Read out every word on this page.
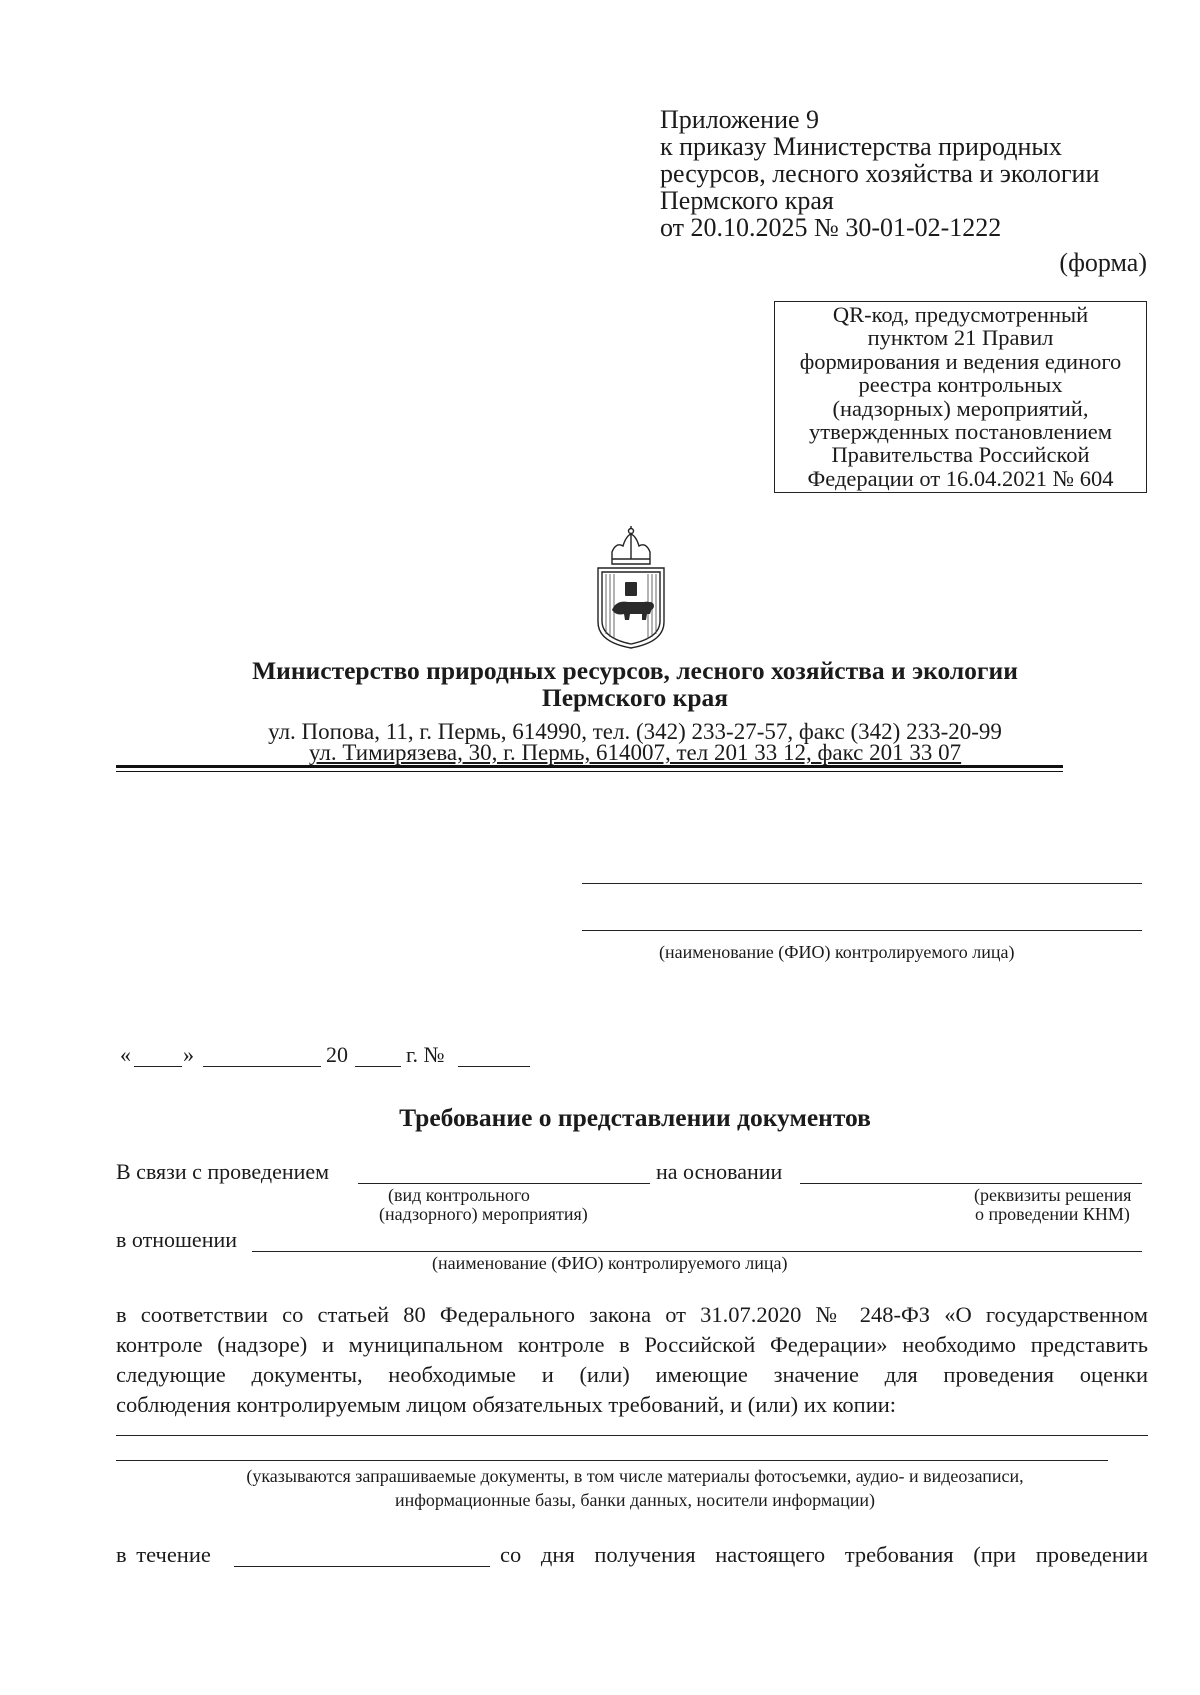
Приложение 9
к приказу Министерства природных
ресурсов, лесного хозяйства и экологии
Пермского края
от 20.10.2025 № 30-01-02-1222
(форма)
QR-код, предусмотренный
пунктом 21 Правил
формирования и ведения единого
реестра контрольных
(надзорных) мероприятий,
утвержденных постановлением
Правительства Российской
Федерации от 16.04.2021 № 604
Министерство природных ресурсов, лесного хозяйства и экологии
Пермского края
ул. Попова, 11, г. Пермь, 614990, тел. (342) 233-27-57, факс (342) 233-20-99
ул. Тимирязева, 30, г. Пермь, 614007, тел 201 33 12, факс 201 33 07
(наименование (ФИО) контролируемого лица)
« »	20	г. №
Требование о представлении документов
В связи с проведением	на основании
(вид контрольного
(надзорного) мероприятия)
(реквизиты решения
о проведении КНМ)
в отношении
(наименование (ФИО) контролируемого лица)
в соответствии со статьей 80 Федерального закона от 31.07.2020 № 248-ФЗ «О государственном
контроле (надзоре) и муниципальном контроле в Российской Федерации» необходимо представить
следующие документы, необходимые и (или) имеющие значение для проведения оценки
соблюдения контролируемым лицом обязательных требований, и (или) их копии:
(указываются запрашиваемые документы, в том числе материалы фотосъемки, аудио- и видеозаписи,
информационные базы, банки данных, носители информации)
в течение	со дня получения настоящего требования (при проведении
